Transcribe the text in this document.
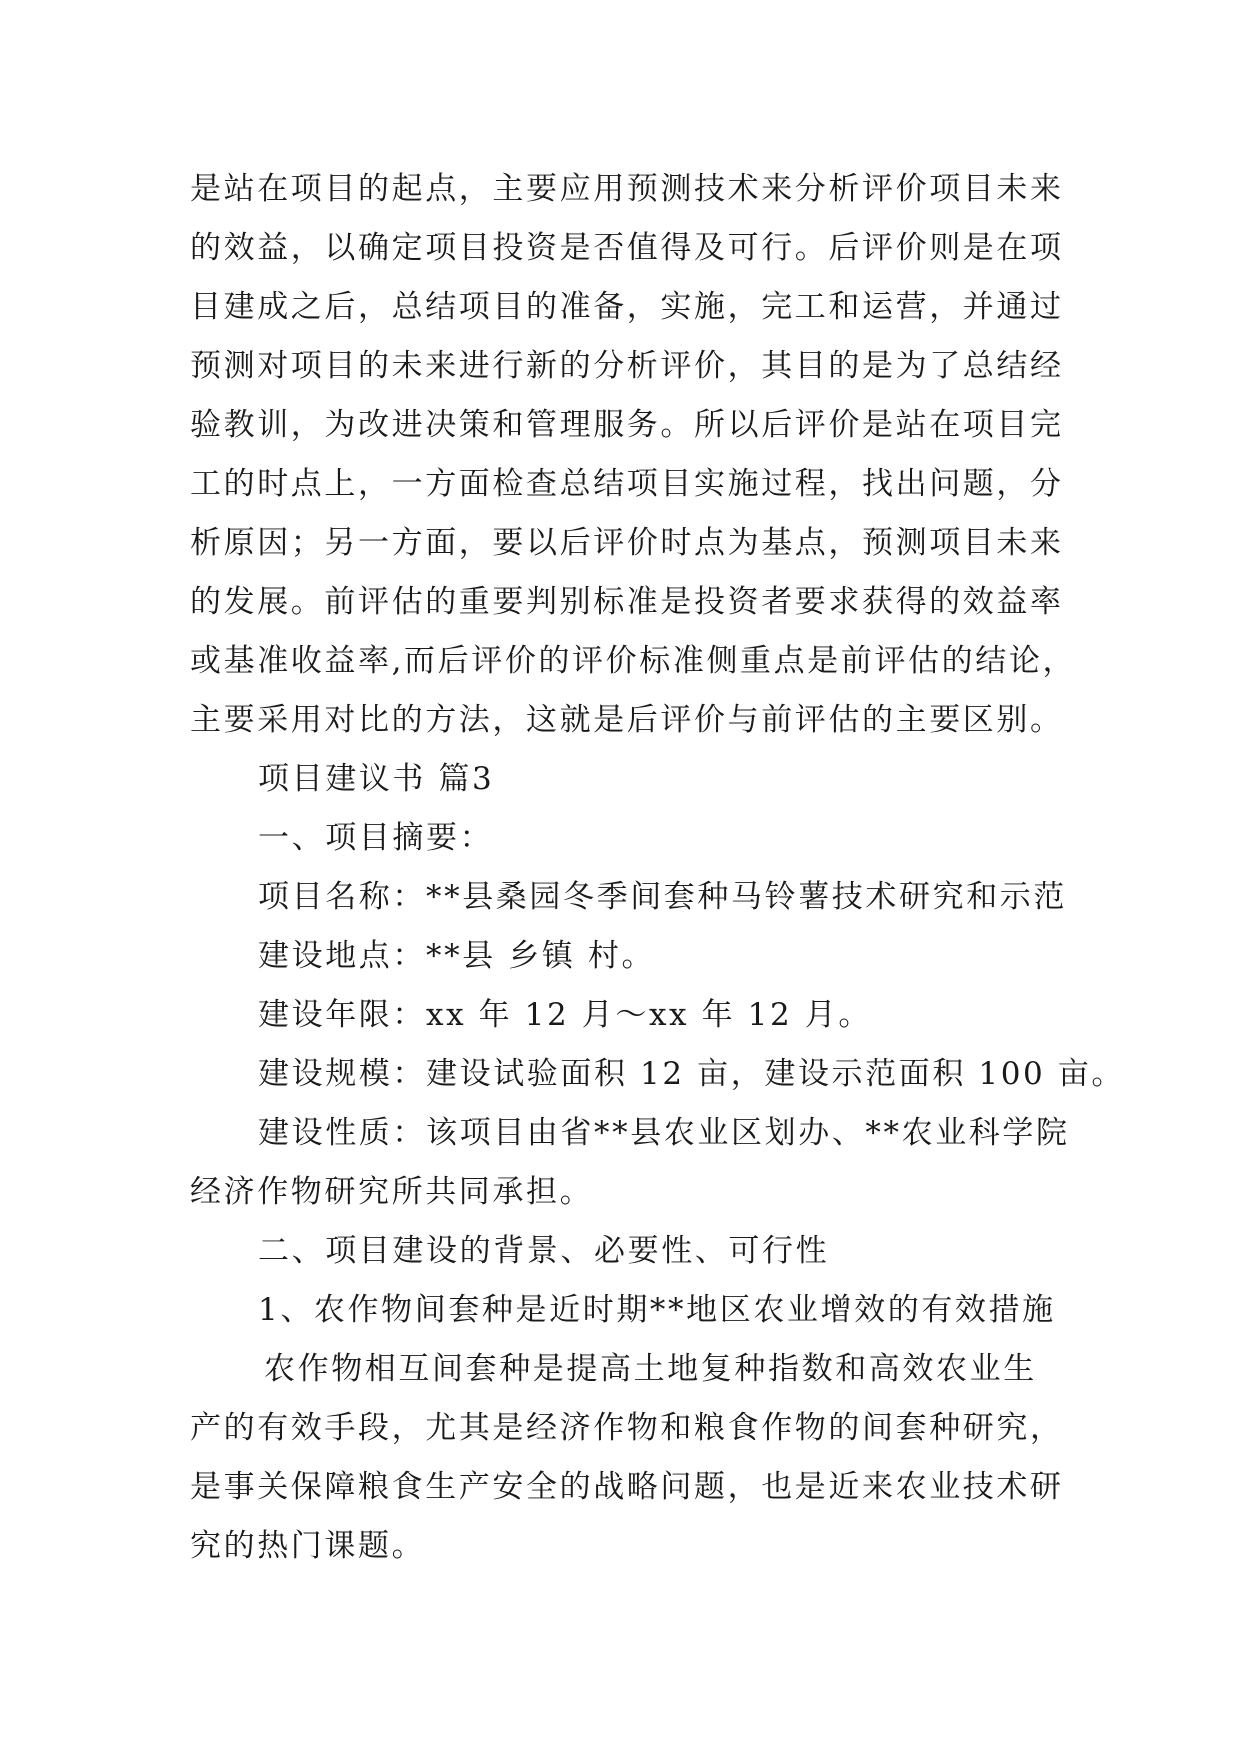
是站在项目的起点，主要应用预测技术来分析评价项目未来
的效益，以确定项目投资是否值得及可行。后评价则是在项
目建成之后，总结项目的准备，实施，完工和运营，并通过
预测对项目的未来进行新的分析评价，其目的是为了总结经
验教训，为改进决策和管理服务。所以后评价是站在项目完
工的时点上，一方面检查总结项目实施过程，找出问题，分
析原因；另一方面，要以后评价时点为基点，预测项目未来
的发展。前评估的重要判别标准是投资者要求获得的效益率
或基准收益率,而后评价的评价标准侧重点是前评估的结论，
主要采用对比的方法，这就是后评价与前评估的主要区别。
项目建议书 篇3
一、项目摘要：
项目名称：**县桑园冬季间套种马铃薯技术研究和示范
建设地点：**县 乡镇 村。
建设年限：xx 年 12 月～xx 年 12 月。
建设规模：建设试验面积 12 亩，建设示范面积 100 亩。
建设性质：该项目由省**县农业区划办、**农业科学院
经济作物研究所共同承担。
二、项目建设的背景、必要性、可行性
1、农作物间套种是近时期**地区农业增效的有效措施
农作物相互间套种是提高土地复种指数和高效农业生
产的有效手段，尤其是经济作物和粮食作物的间套种研究，
是事关保障粮食生产安全的战略问题，也是近来农业技术研
究的热门课题。
